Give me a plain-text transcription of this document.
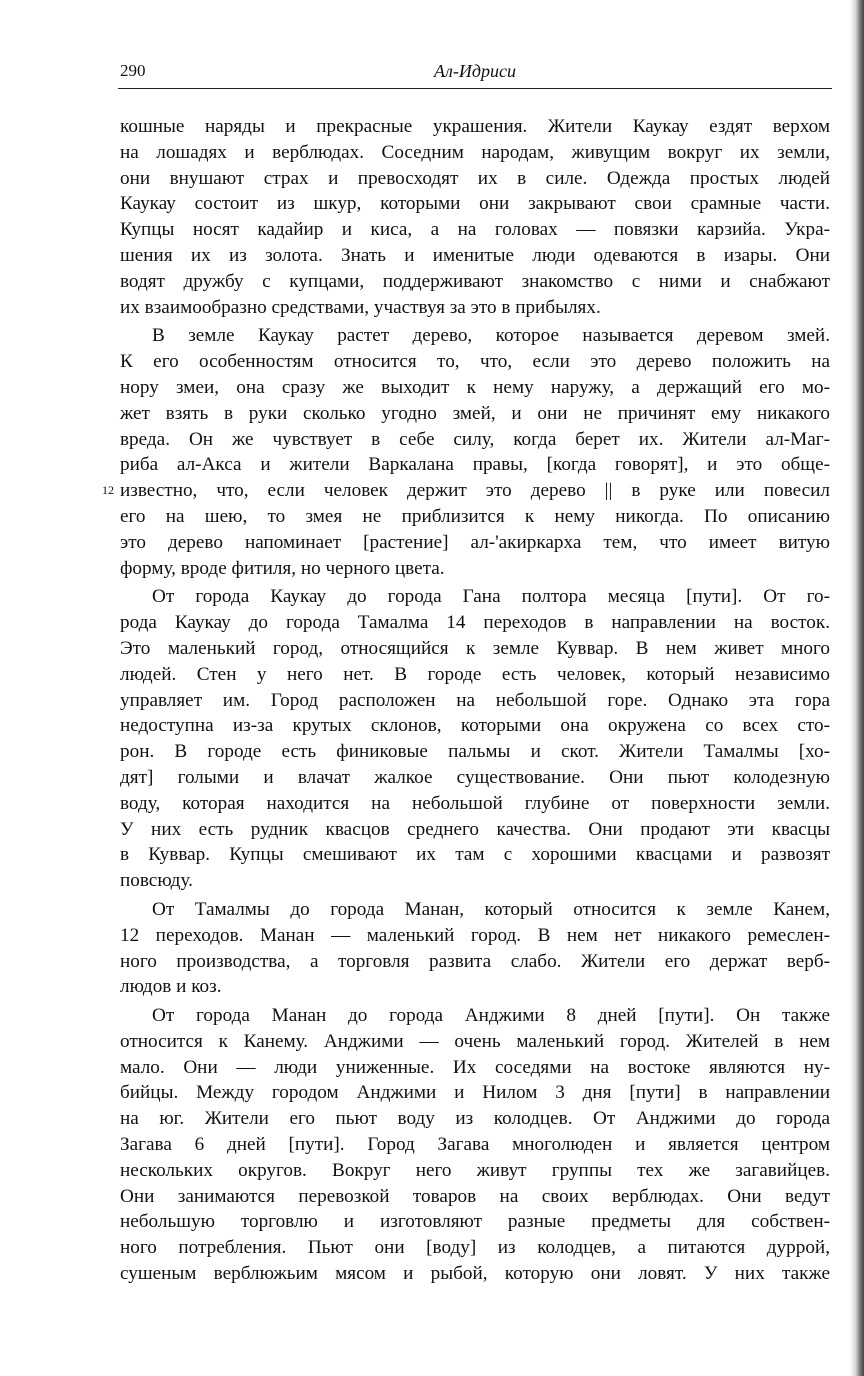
290	Ал-Идриси
кошные наряды и прекрасные украшения. Жители Каукау ездят верхом
на лошадях и верблюдах. Соседним народам, живущим вокруг их земли,
они внушают страх и превосходят их в силе. Одежда простых людей
Каукау состоит из шкур, которыми они закрывают свои срамные части.
Купцы носят кадайир и киса, а на головах — повязки карзийа. Укра-
шения их из золота. Знать и именитые люди одеваются в изары. Они
водят дружбу с купцами, поддерживают знакомство с ними и снабжают
их взаимообразно средствами, участвуя за это в прибылях.
В земле Каукау растет дерево, которое называется деревом змей.
К его особенностям относится то, что, если это дерево положить на
нору змеи, она сразу же выходит к нему наружу, а держащий его мо-
жет взять в руки сколько угодно змей, и они не причинят ему никакого
вреда. Он же чувствует в себе силу, когда берет их. Жители ал-Маг-
риба ал-Акса и жители Варкалана правы, [когда говорят], и это обще-
12 известно, что, если человек держит это дерево || в руке или повесил
его на шею, то змея не приблизится к нему никогда. По описанию
это дерево напоминает [растение] ал-'акиркарха тем, что имеет витую
форму, вроде фитиля, но черного цвета.
От города Каукау до города Гана полтора месяца [пути]. От го-
рода Каукау до города Тамалма 14 переходов в направлении на восток.
Это маленький город, относящийся к земле Куввар. В нем живет много
людей. Стен у него нет. В городе есть человек, который независимо
управляет им. Город расположен на небольшой горе. Однако эта гора
недоступна из-за крутых склонов, которыми она окружена со всех сто-
рон. В городе есть финиковые пальмы и скот. Жители Тамалмы [хо-
дят] голыми и влачат жалкое существование. Они пьют колодезную
воду, которая находится на небольшой глубине от поверхности земли.
У них есть рудник квасцов среднего качества. Они продают эти квасцы
в Куввар. Купцы смешивают их там с хорошими квасцами и развозят
повсюду.
От Тамалмы до города Манан, который относится к земле Канем,
12 переходов. Манан — маленький город. В нем нет никакого ремеслен-
ного производства, а торговля развита слабо. Жители его держат верб-
людов и коз.
От города Манан до города Анджими 8 дней [пути]. Он также
относится к Канему. Анджими — очень маленький город. Жителей в нем
мало. Они — люди униженные. Их соседями на востоке являются ну-
бийцы. Между городом Анджими и Нилом 3 дня [пути] в направлении
на юг. Жители его пьют воду из колодцев. От Анджими до города
Загава 6 дней [пути]. Город Загава многолюден и является центром
нескольких округов. Вокруг него живут группы тех же загавийцев.
Они занимаются перевозкой товаров на своих верблюдах. Они ведут
небольшую торговлю и изготовляют разные предметы для собствен-
ного потребления. Пьют они [воду] из колодцев, а питаются дуррой,
сушеным верблюжьим мясом и рыбой, которую они ловят. У них также
